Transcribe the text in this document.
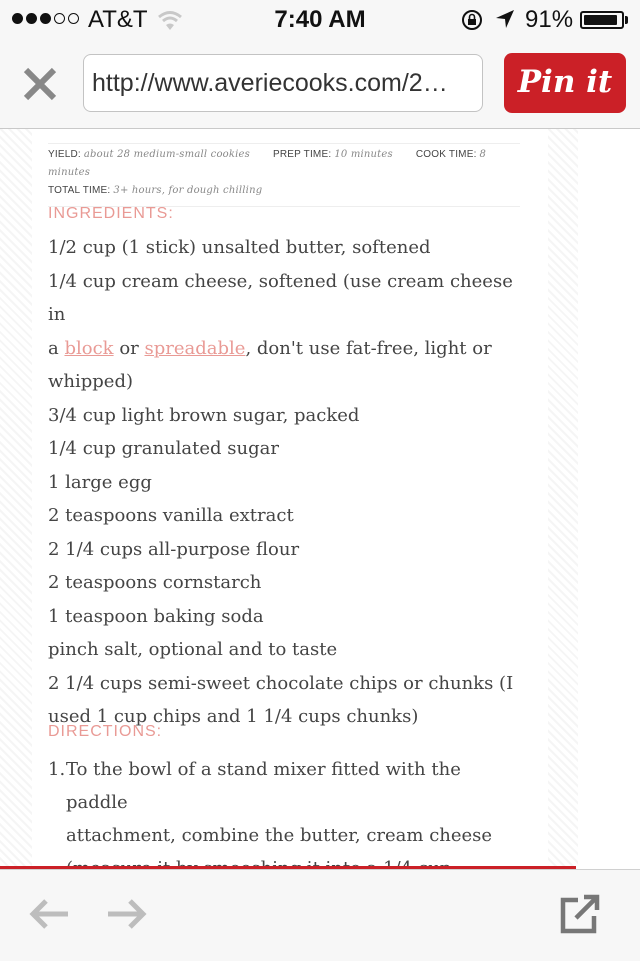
AT&T	7:40 AM	91%
http://www.averiecooks.com/2…	Pin it
YIELD: about 28 medium-small cookies PREP TIME: 10 minutes COOK TIME: 8 minutes
TOTAL TIME: 3+ hours, for dough chilling
INGREDIENTS:
1/2 cup (1 stick) unsalted butter, softened
1/4 cup cream cheese, softened (use cream cheese in
a block or spreadable, don't use fat-free, light or
whipped)
3/4 cup light brown sugar, packed
1/4 cup granulated sugar
1 large egg
2 teaspoons vanilla extract
2 1/4 cups all-purpose flour
2 teaspoons cornstarch
1 teaspoon baking soda
pinch salt, optional and to taste
2 1/4 cups semi-sweet chocolate chips or chunks (I
used 1 cup chips and 1 1/4 cups chunks)
DIRECTIONS:
1. To the bowl of a stand mixer fitted with the paddle
attachment, combine the butter, cream cheese
